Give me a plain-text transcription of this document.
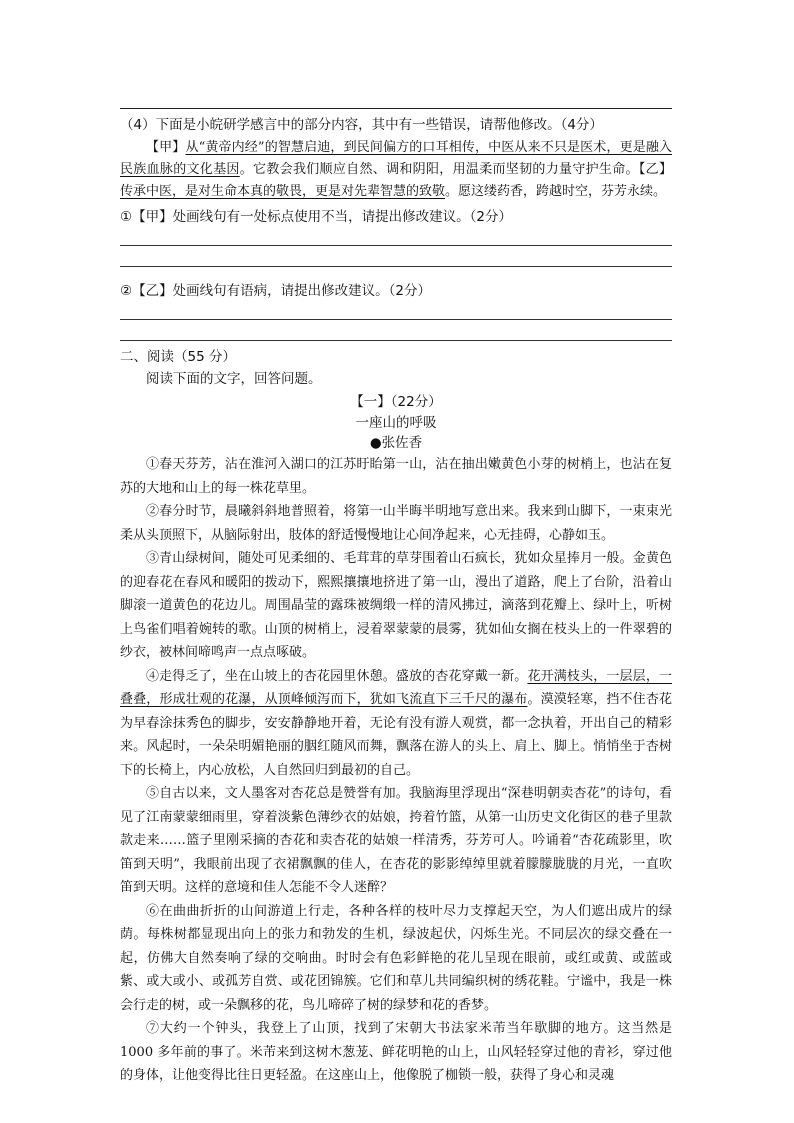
（4）下面是小皖研学感言中的部分内容，其中有一些错误，请帮他修改。（4分）
【甲】从“黄帝内经”的智慧启迪，到民间偏方的口耳相传，中医从来不只是医术，更是融入民族血脉的文化基因。它教会我们顺应自然、调和阴阳，用温柔而坚韧的力量守护生命。【乙】传承中医，是对生命本真的敬畏，更是对先辈智慧的致敬。愿这缕药香，跨越时空，芬芳永续。
①【甲】处画线句有一处标点使用不当，请提出修改建议。（2分）
②【乙】处画线句有语病，请提出修改建议。（2分）
二、阅读（55 分）
阅读下面的文字，回答问题。
【一】（22分）
一座山的呼吸
●张佐香
①春天芬芳，沾在淮河入湖口的江苏盱眙第一山，沾在抽出嫩黄色小芽的树梢上，也沾在复苏的大地和山上的每一株花草里。
②春分时节，晨曦斜斜地普照着，将第一山半晦半明地写意出来。我来到山脚下，一束束光柔从头顶照下，从脑际射出，肢体的舒适慢慢地让心间净起来，心无挂碍，心静如玉。
③青山绿树间，随处可见柔细的、毛茸茸的草芽围着山石疯长，犹如众星捧月一般。金黄色的迎春花在春风和暖阳的拨动下，熙熙攘攘地挤进了第一山，漫出了道路，爬上了台阶，沿着山脚滚一道黄色的花边儿。周围晶莹的露珠被绸缎一样的清风拂过，滴落到花瓣上、绿叶上，听树上鸟雀们唱着婉转的歌。山顶的树梢上，浸着翠蒙蒙的晨雾，犹如仙女搁在枝头上的一件翠碧的纱衣，被林间啼鸣声一点点啄破。
④走得乏了，坐在山坡上的杏花园里休憩。盛放的杏花穿戴一新。花开满枝头，一层层，一叠叠，形成壮观的花瀑，从顶峰倾泻而下，犹如飞流直下三千尺的瀑布。漠漠轻寒，挡不住杏花为早春涂抹秀色的脚步，安安静静地开着，无论有没有游人观赏，都一念执着，开出自己的精彩来。风起时，一朵朵明媚艳丽的胭红随风而舞，飘落在游人的头上、肩上、脚上。悄悄坐于杏树下的长椅上，内心放松，人自然回归到最初的自己。
⑤自古以来，文人墨客对杏花总是赞誉有加。我脑海里浮现出“深巷明朝卖杏花”的诗句，看见了江南蒙蒙细雨里，穿着淡紫色薄纱衣的姑娘，挎着竹篮，从第一山历史文化街区的巷子里款款走来……篮子里刚采摘的杏花和卖杏花的姑娘一样清秀，芬芳可人。吟诵着“杏花疏影里，吹笛到天明”，我眼前出现了衣裙飘飘的佳人，在杏花的影影绰绰里就着朦朦胧胧的月光，一直吹笛到天明。这样的意境和佳人怎能不令人迷醉？
⑥在曲曲折折的山间游道上行走，各种各样的枝叶尽力支撑起天空，为人们遮出成片的绿荫。每株树都显现出向上的张力和勃发的生机，绿波起伏，闪烁生光。不同层次的绿交叠在一起，仿佛大自然奏响了绿的交响曲。时时会有色彩鲜艳的花儿呈现在眼前，或红或黄、或蓝或紫、或大或小、或孤芳自赏、或花团锦簇。它们和草儿共同编织树的绣花鞋。宁谧中，我是一株会行走的树，或一朵飘移的花，鸟儿啼碎了树的绿梦和花的香梦。
⑦大约一个钟头，我登上了山顶，找到了宋朝大书法家米芾当年歇脚的地方。这当然是1000 多年前的事了。米芾来到这树木葱茏、鲜花明艳的山上，山风轻轻穿过他的青衫，穿过他的身体，让他变得比往日更轻盈。在这座山上，他像脱了枷锁一般，获得了身心和灵魂
